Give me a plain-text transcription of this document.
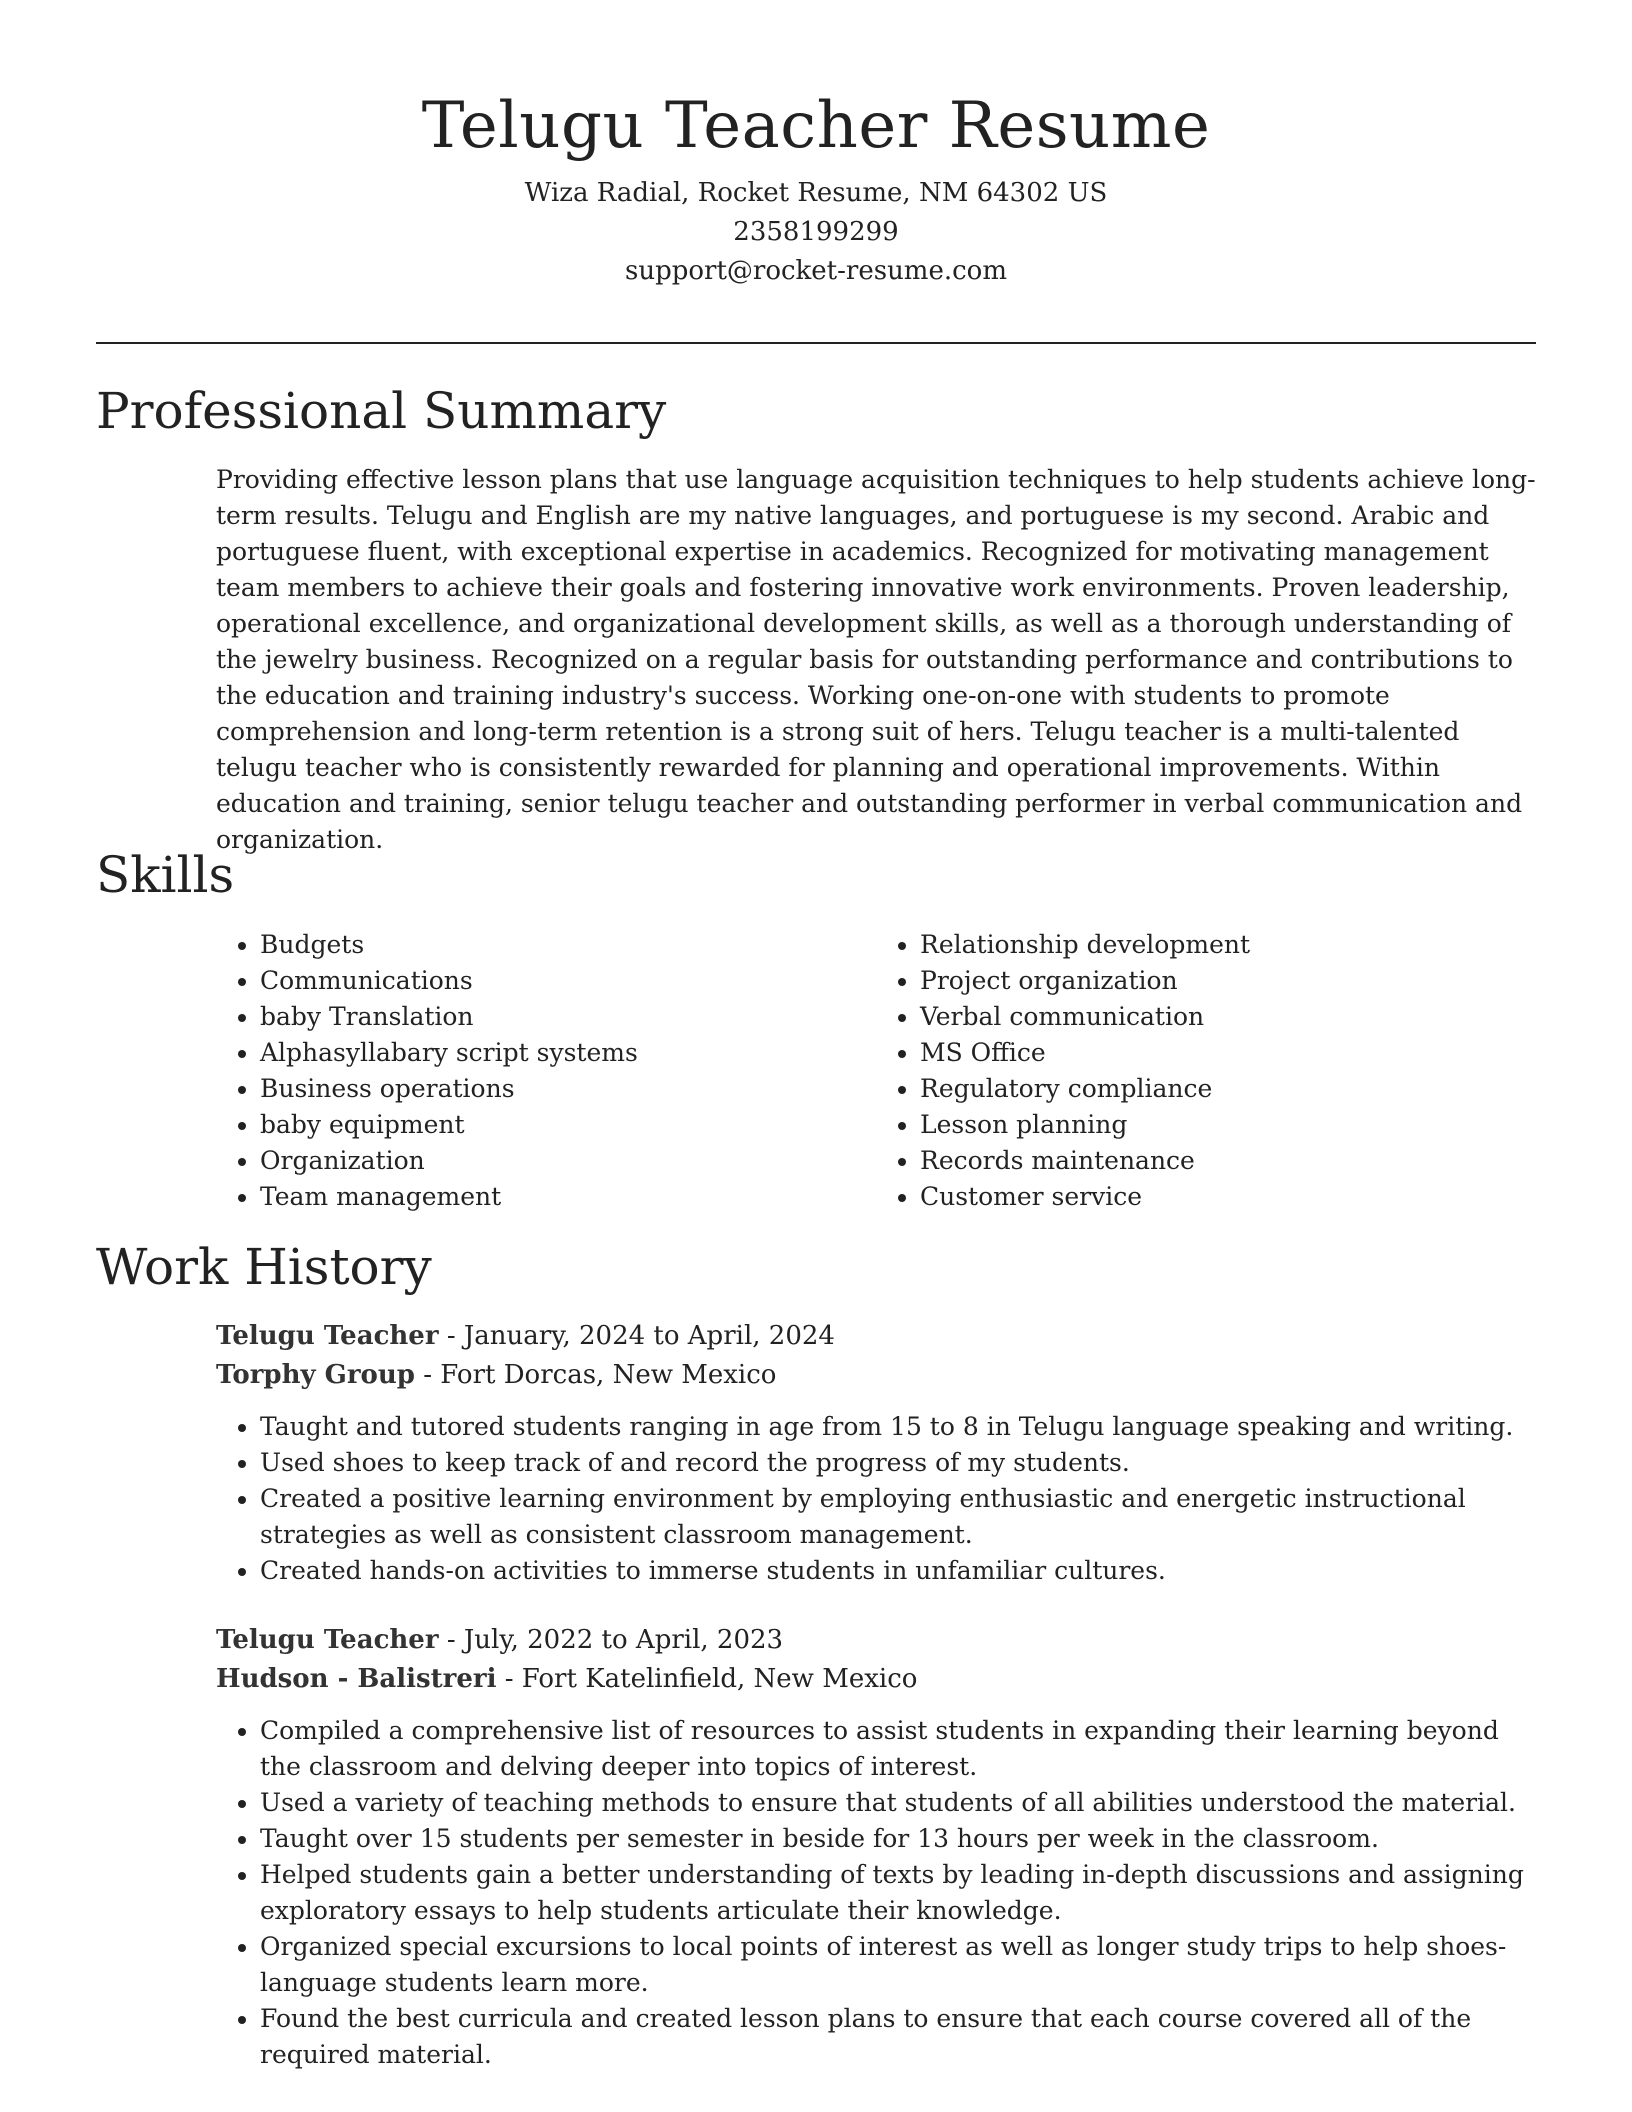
Telugu Teacher Resume

Wiza Radial, Rocket Resume, NM 64302 US

2358199299

support@rocket-resume.com

Professional Summary

Providing effective lesson plans that use language acquisition techniques to help students achieve long-term results. Telugu and English are my native languages, and portuguese is my second. Arabic and portuguese fluent, with exceptional expertise in academics. Recognized for motivating management team members to achieve their goals and fostering innovative work environments. Proven leadership, operational excellence, and organizational development skills, as well as a thorough understanding of the jewelry business. Recognized on a regular basis for outstanding performance and contributions to the education and training industry's success. Working one-on-one with students to promote comprehension and long-term retention is a strong suit of hers. Telugu teacher is a multi-talented telugu teacher who is consistently rewarded for planning and operational improvements. Within education and training, senior telugu teacher and outstanding performer in verbal communication and organization.

Skills
• Budgets
• Communications
• baby Translation
• Alphasyllabary script systems
• Business operations
• baby equipment
• Organization
• Team management
• Relationship development
• Project organization
• Verbal communication
• MS Office
• Regulatory compliance
• Lesson planning
• Records maintenance
• Customer service
Work History

Telugu Teacher - January, 2024 to April, 2024

Torphy Group - Fort Dorcas, New Mexico

• Taught and tutored students ranging in age from 15 to 8 in Telugu language speaking and writing.
• Used shoes to keep track of and record the progress of my students.
• Created a positive learning environment by employing enthusiastic and energetic instructional strategies as well as consistent classroom management.
• Created hands-on activities to immerse students in unfamiliar cultures.

Telugu Teacher - July, 2022 to April, 2023

Hudson - Balistreri - Fort Katelinfield, New Mexico

• Compiled a comprehensive list of resources to assist students in expanding their learning beyond the classroom and delving deeper into topics of interest.
• Used a variety of teaching methods to ensure that students of all abilities understood the material.
• Taught over 15 students per semester in beside for 13 hours per week in the classroom.
• Helped students gain a better understanding of texts by leading in-depth discussions and assigning exploratory essays to help students articulate their knowledge.
• Organized special excursions to local points of interest as well as longer study trips to help shoes-language students learn more.
• Found the best curricula and created lesson plans to ensure that each course covered all of the required material.
